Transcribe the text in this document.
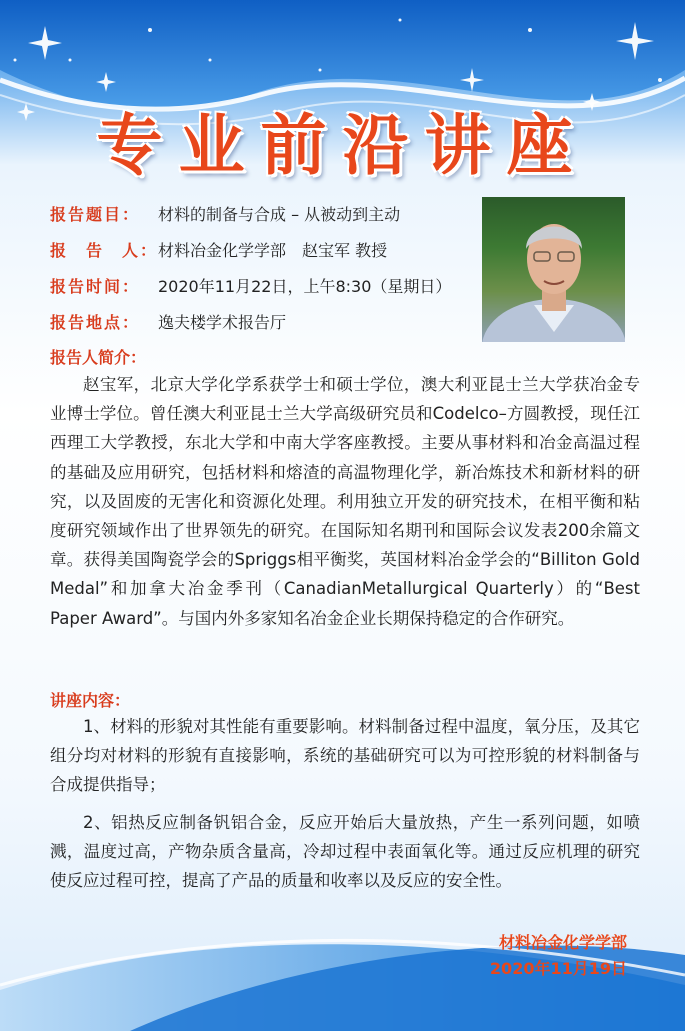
专业前沿讲座
报告题目： 材料的制备与合成 – 从被动到主动
报　告　人：材料冶金化学学部　赵宝军 教授
报告时间： 2020年11月22日，上午8:30（星期日）
报告地点： 逸夫楼学术报告厅
报告人简介：
赵宝军，北京大学化学系获学士和硕士学位，澳大利亚昆士兰大学获冶金专业博士学位。曾任澳大利亚昆士兰大学高级研究员和Codelco–方圆教授，现任江西理工大学教授，东北大学和中南大学客座教授。主要从事材料和冶金高温过程的基础及应用研究，包括材料和熔渣的高温物理化学，新冶炼技术和新材料的研究，以及固废的无害化和资源化处理。利用独立开发的研究技术，在相平衡和粘度研究领域作出了世界领先的研究。在国际知名期刊和国际会议发表200余篇文章。获得美国陶瓷学会的Spriggs相平衡奖，英国材料冶金学会的“Billiton Gold Medal”和加拿大冶金季刊（CanadianMetallurgical Quarterly）的“Best Paper Award”。与国内外多家知名冶金企业长期保持稳定的合作研究。
讲座内容：
1、材料的形貌对其性能有重要影响。材料制备过程中温度，氧分压，及其它组分均对材料的形貌有直接影响，系统的基础研究可以为可控形貌的材料制备与合成提供指导；
2、铝热反应制备钒铝合金，反应开始后大量放热，产生一系列问题，如喷溅，温度过高，产物杂质含量高，冷却过程中表面氧化等。通过反应机理的研究使反应过程可控，提高了产品的质量和收率以及反应的安全性。
材料冶金化学学部
2020年11月19日
